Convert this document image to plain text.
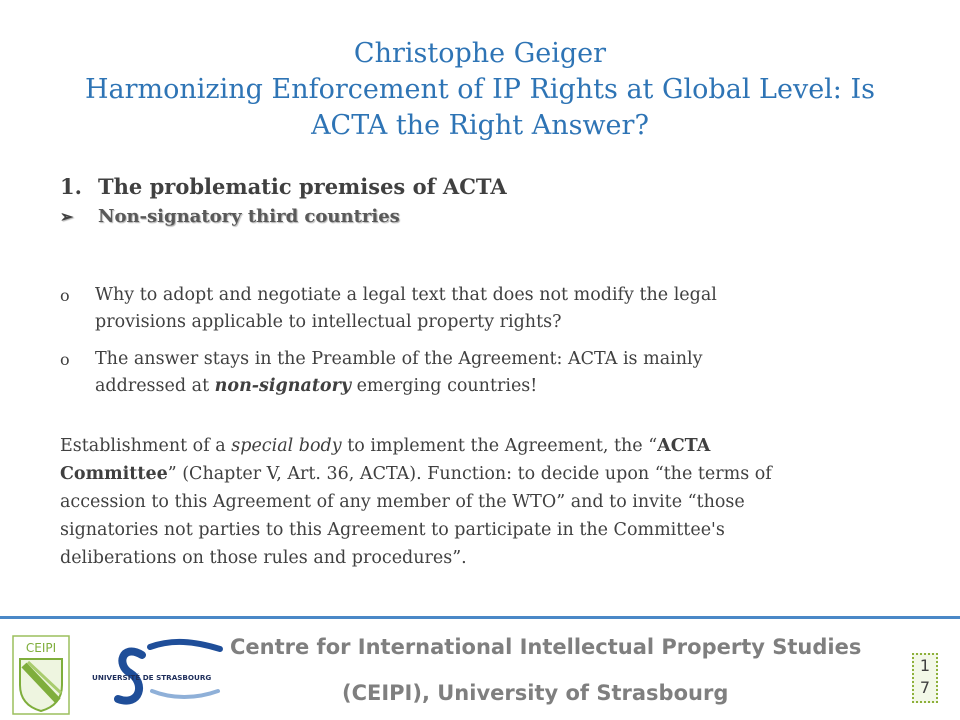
Christophe Geiger
Harmonizing Enforcement of IP Rights at Global Level: Is
ACTA the Right Answer?
1. The problematic premises of ACTA
➢ Non-signatory third countries
o Why to adopt and negotiate a legal text that does not modify the legal
provisions applicable to intellectual property rights?
o The answer stays in the Preamble of the Agreement: ACTA is mainly
addressed at non-signatory emerging countries!
Establishment of a special body to implement the Agreement, the “ACTA
Committee” (Chapter V, Art. 36, ACTA). Function: to decide upon “the terms of
accession to this Agreement of any member of the WTO” and to invite “those
signatories not parties to this Agreement to participate in the Committee's
deliberations on those rules and procedures”.
CEIPI
UNIVERSITÉ DE STRASBOURG
Centre for International Intellectual Property Studies
(CEIPI), University of Strasbourg
1
7
